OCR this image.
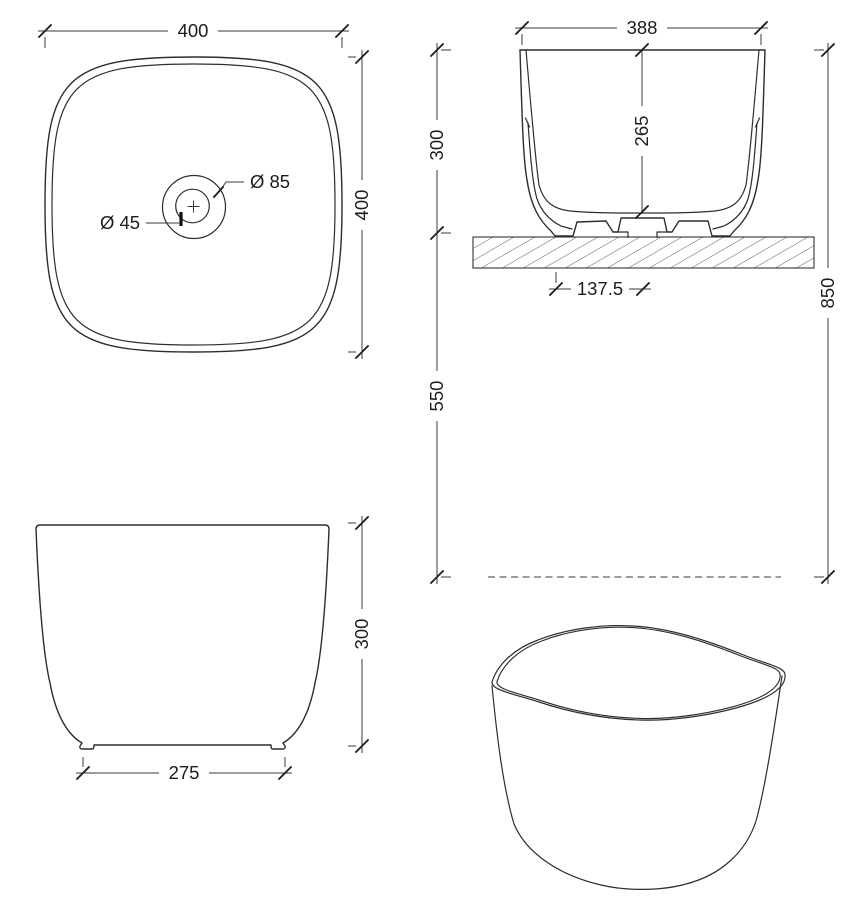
Ø 85
Ø 45
400
400
388
265
300
550
850
137.5
300
275
